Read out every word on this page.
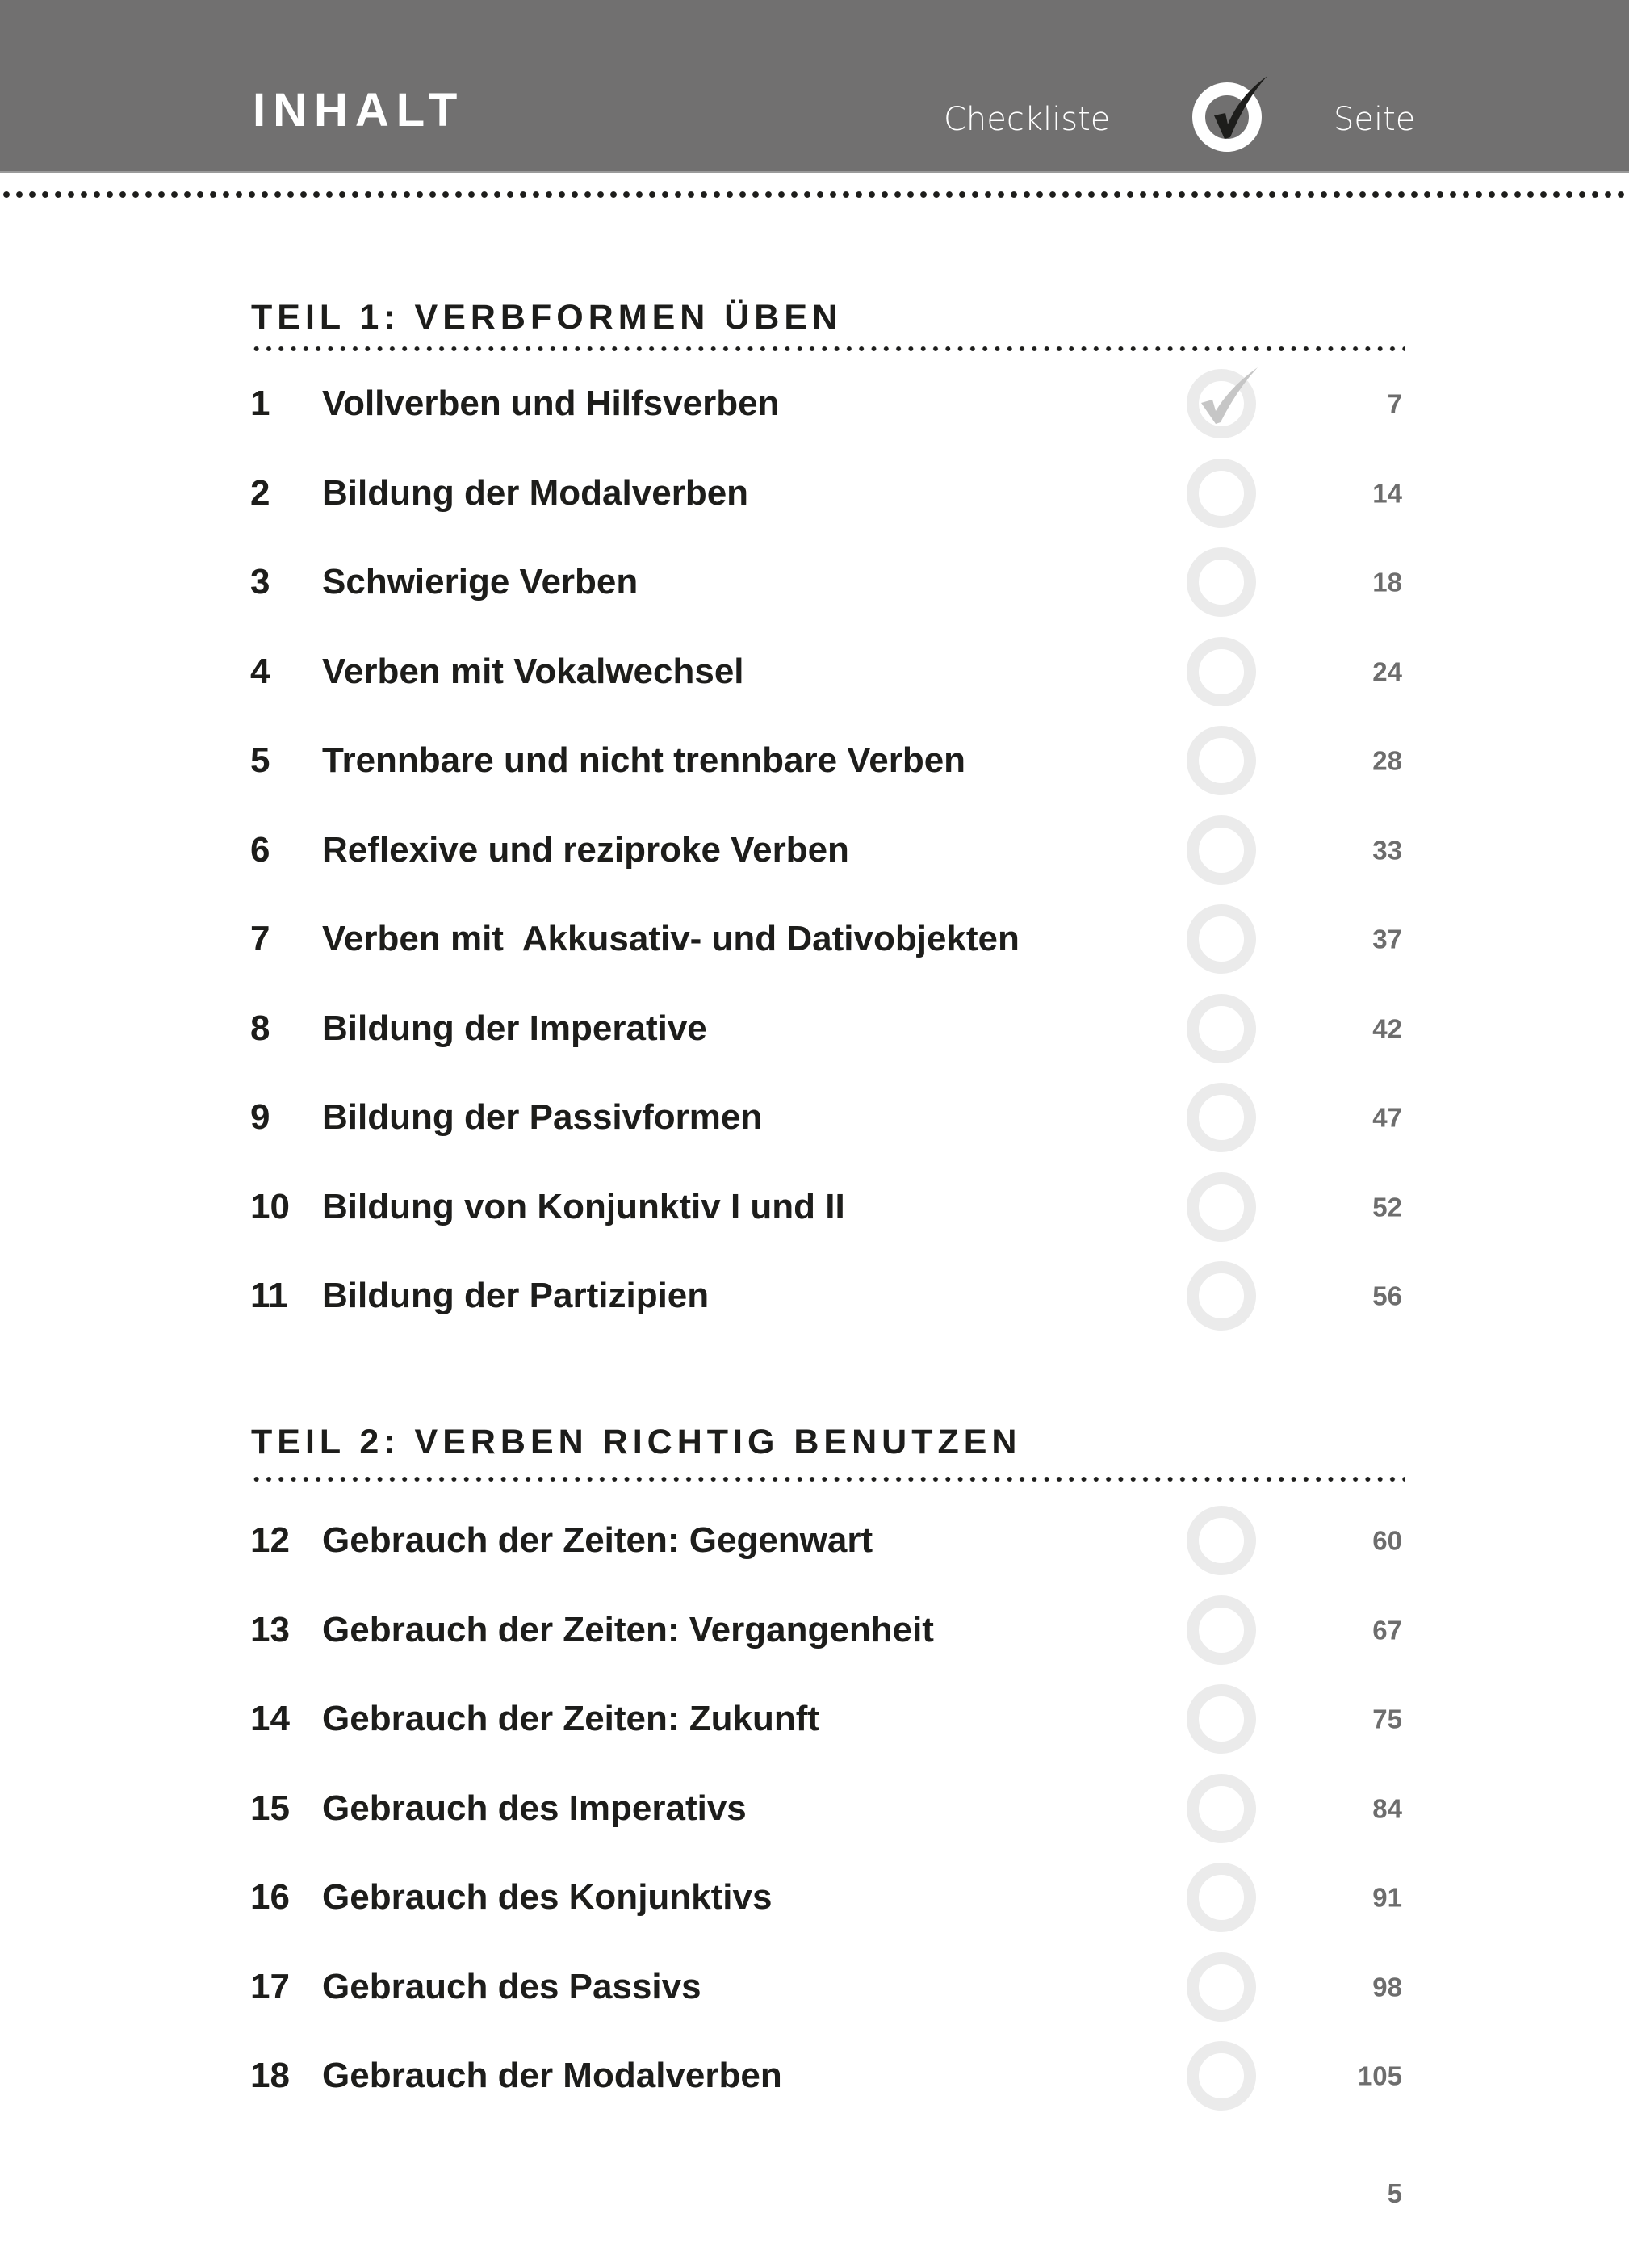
INHALT	Checkliste	Seite
TEIL 1: VERBFORMEN ÜBEN
1 Vollverben und Hilfsverben	7
2 Bildung der Modalverben	14
3 Schwierige Verben	18
4 Verben mit Vokalwechsel	24
5 Trennbare und nicht trennbare Verben	28
6 Reflexive und reziproke Verben	33
7 Verben mit  Akkusativ- und Dativobjekten	37
8 Bildung der Imperative	42
9 Bildung der Passivformen	47
10 Bildung von Konjunktiv I und II	52
11 Bildung der Partizipien	56
TEIL 2: VERBEN RICHTIG BENUTZEN
12 Gebrauch der Zeiten: Gegenwart	60
13 Gebrauch der Zeiten: Vergangenheit	67
14 Gebrauch der Zeiten: Zukunft	75
15 Gebrauch des Imperativs	84
16 Gebrauch des Konjunktivs	91
17 Gebrauch des Passivs	98
18 Gebrauch der Modalverben	105
5
